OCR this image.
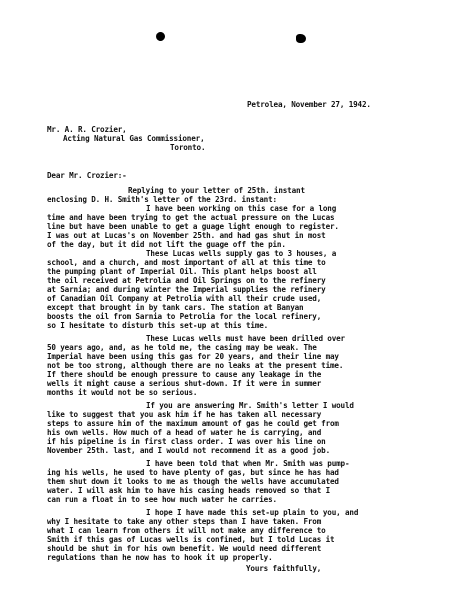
Petrolea, November 27, 1942.
Mr. A. R. Crozier,
Acting Natural Gas Commissioner,
Toronto.
Dear Mr. Crozier:-
Replying to your letter of 25th. instant
enclosing D. H. Smith's letter of the 23rd. instant:
I have been working on this case for a long
time and have been trying to get the actual pressure on the Lucas
line but have been unable to get a guage light enough to register.
I was out at Lucas's on November 25th. and had gas shut in most
of the day, but it did not lift the guage off the pin.
These Lucas wells supply gas to 3 houses, a
school, and a church, and most important of all at this time to
the pumping plant of Imperial Oil. This plant helps boost all
the oil received at Petrolia and Oil Springs on to the refinery
at Sarnia; and during winter the Imperial supplies the refinery
of Canadian Oil Company at Petrolia with all their crude used,
except that brought in by tank cars. The station at Banyan
boosts the oil from Sarnia to Petrolia for the local refinery,
so I hesitate to disturb this set-up at this time.
These Lucas wells must have been drilled over
50 years ago, and, as he told me, the casing may be weak. The
Imperial have been using this gas for 20 years, and their line may
not be too strong, although there are no leaks at the present time.
If there should be enough pressure to cause any leakage in the
wells it might cause a serious shut-down. If it were in summer
months it would not be so serious.
If you are answering Mr. Smith's letter I would
like to suggest that you ask him if he has taken all necessary
steps to assure him of the maximum amount of gas he could get from
his own wells. How much of a head of water he is carrying, and
if his pipeline is in first class order. I was over his line on
November 25th. last, and I would not recommend it as a good job.
I have been told that when Mr. Smith was pump-
ing his wells, he used to have plenty of gas, but since he has had
them shut down it looks to me as though the wells have accumulated
water. I will ask him to have his casing heads removed so that I
can run a float in to see how much water he carries.
I hope I have made this set-up plain to you, and
why I hesitate to take any other steps than I have taken. From
what I can learn from others it will not make any difference to
Smith if this gas of Lucas wells is confined, but I told Lucas it
should be shut in for his own benefit. We would need different
regulations than he now has to hook it up properly.
Yours faithfully,
